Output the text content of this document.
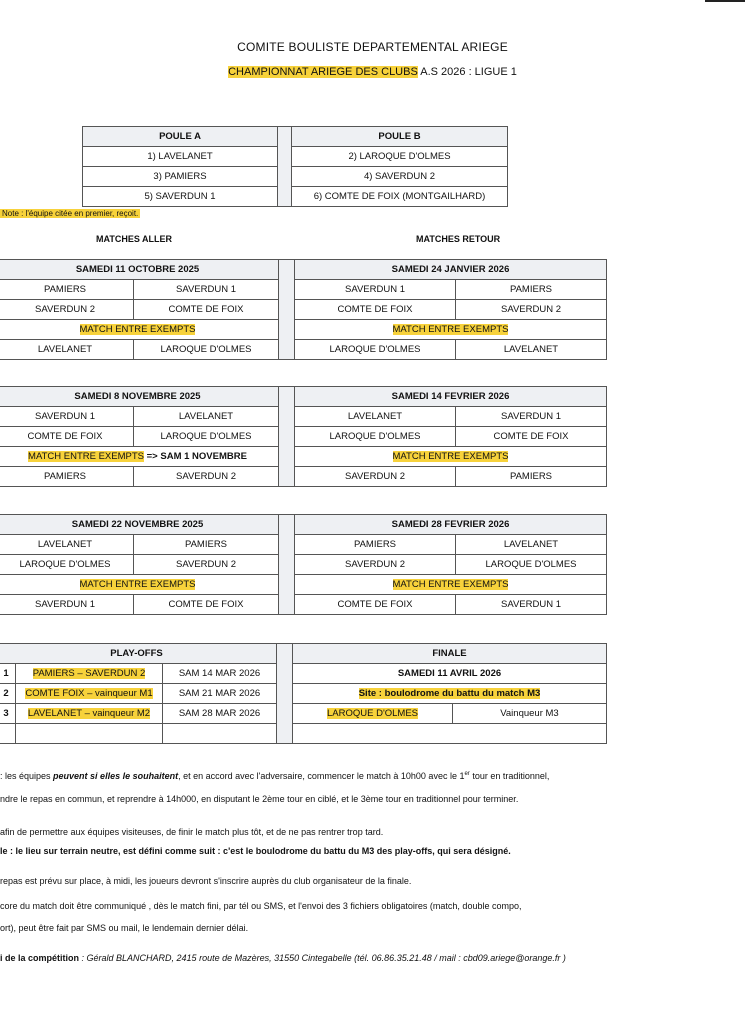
COMITE BOULISTE DEPARTEMENTAL ARIEGE
CHAMPIONNAT ARIEGE DES CLUBS A.S 2026 : LIGUE 1
POULE A		POULE B
1) LAVELANET		2) LAROQUE D'OLMES
3) PAMIERS		4) SAVERDUN 2
5) SAVERDUN 1		6) COMTE DE FOIX (MONTGAILHARD)
Note : l'équipe citée en premier, reçoit.
MATCHES ALLER	MATCHES RETOUR
SAMEDI 11 OCTOBRE 2025			SAMEDI 24 JANVIER 2026	
PAMIERS	SAVERDUN 1		SAVERDUN 1	PAMIERS
SAVERDUN 2	COMTE DE FOIX		COMTE DE FOIX	SAVERDUN 2
MATCH ENTRE EXEMPTS			MATCH ENTRE EXEMPTS	
LAVELANET	LAROQUE D'OLMES		LAROQUE D'OLMES	LAVELANET
SAMEDI 8 NOVEMBRE 2025			SAMEDI 14 FEVRIER 2026	
SAVERDUN 1	LAVELANET		LAVELANET	SAVERDUN 1
COMTE DE FOIX	LAROQUE D'OLMES		LAROQUE D'OLMES	COMTE DE FOIX
MATCH ENTRE EXEMPTS => SAM 1 NOVEMBRE			MATCH ENTRE EXEMPTS	
PAMIERS	SAVERDUN 2		SAVERDUN 2	PAMIERS
SAMEDI 22 NOVEMBRE 2025			SAMEDI 28 FEVRIER 2026	
LAVELANET	PAMIERS		PAMIERS	LAVELANET
LAROQUE D'OLMES	SAVERDUN 2		SAVERDUN 2	LAROQUE D'OLMES
MATCH ENTRE EXEMPTS			MATCH ENTRE EXEMPTS	
SAVERDUN 1	COMTE DE FOIX		COMTE DE FOIX	SAVERDUN 1
PLAY-OFFS				FINALE	
1	PAMIERS – SAVERDUN 2	SAM 14 MAR 2026		SAMEDI 11 AVRIL 2026	
2	COMTE FOIX – vainqueur M1	SAM 21 MAR 2026		Site : boulodrome du battu du match M3	
3	LAVELANET – vainqueur M2	SAM 28 MAR 2026		LAROQUE D'OLMES	Vainqueur M3

: les équipes peuvent si elles le souhaitent, et en accord avec l'adversaire, commencer le match à 10h00 avec le 1er tour en traditionnel,
ndre le repas en commun, et reprendre à 14h000, en disputant le 2ème tour en ciblé, et le 3ème tour en traditionnel pour terminer.
afin de permettre aux équipes visiteuses, de finir le match plus tôt, et de ne pas rentrer trop tard.
le : le lieu sur terrain neutre, est défini comme suit : c'est le boulodrome du battu du M3 des play-offs, qui sera désigné.
repas est prévu sur place, à midi, les joueurs devront s'inscrire auprès du club organisateur de la finale.
core du match doit être communiqué , dès le match fini, par tél ou SMS, et l'envoi des 3 fichiers obligatoires (match, double compo,
ort), peut être fait par SMS ou mail, le lendemain dernier délai.
i de la compétition : Gérald BLANCHARD, 2415 route de Mazères, 31550 Cintegabelle (tél. 06.86.35.21.48 / mail : cbd09.ariege@orange.fr )
